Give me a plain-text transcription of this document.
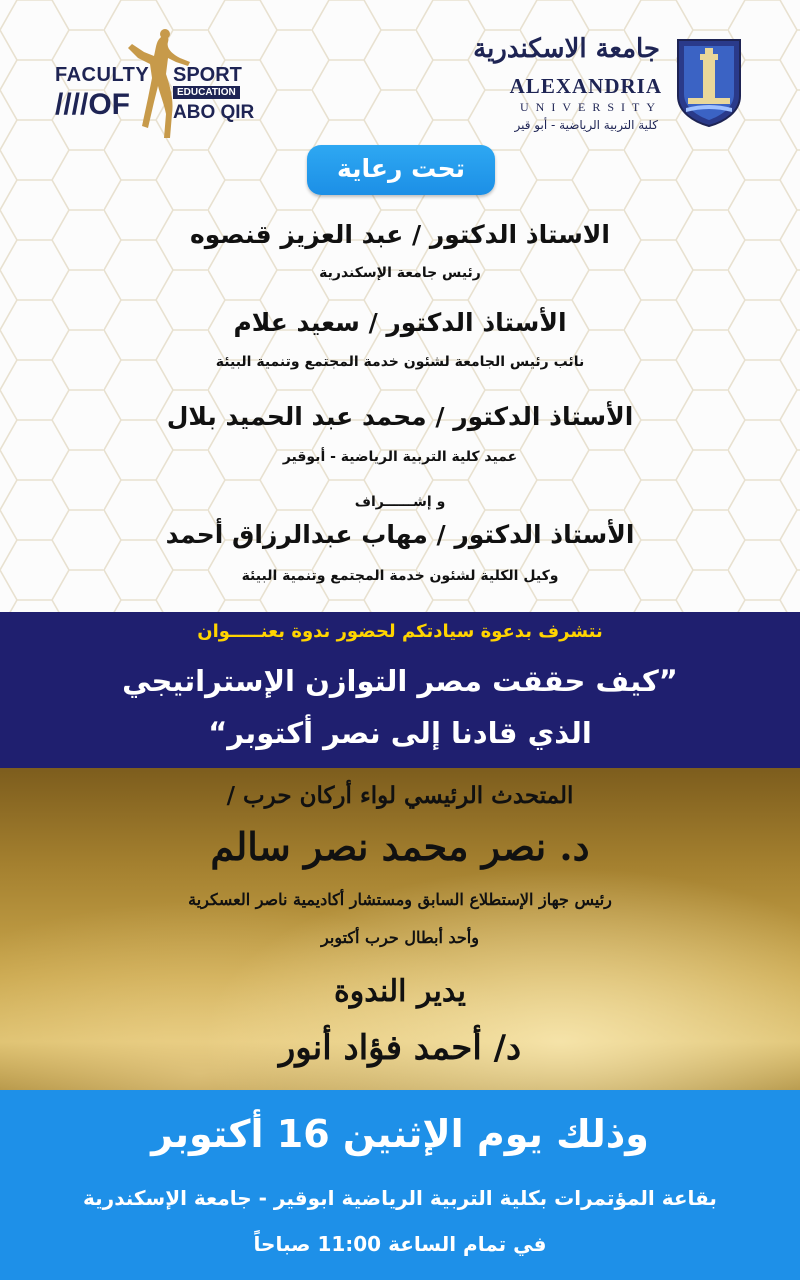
FACULTY SPORT
EDUCATION
////OF ABO QIR
جامعة الاسكندرية
ALEXANDRIA
UNIVERSITY
كلية التربية الرياضية - أبو قير
تحت رعاية
الاستاذ الدكتور / عبد العزيز قنصوه
رئيس جامعة الإسكندرية
الأستاذ الدكتور / سعيد علام
نائب رئيس الجامعة لشئون خدمة المجتمع وتنمية البيئة
الأستاذ الدكتور / محمد عبد الحميد بلال
عميد كلية التربية الرياضية - أبوقير
و إشــــــراف
الأستاذ الدكتور / مهاب عبدالرزاق أحمد
وكيل الكلية لشئون خدمة المجتمع وتنمية البيئة
نتشرف بدعوة سيادتكم لحضور ندوة بعنـــــوان
”كيف حققت مصر التوازن الإستراتيجي
الذي قادنا إلى نصر أكتوبر“
المتحدث الرئيسي لواء أركان حرب /
د. نصر محمد نصر سالم
رئيس جهاز الإستطلاع السابق ومستشار أكاديمية ناصر العسكرية
وأحد أبطال حرب أكتوبر
يدير الندوة
د/ أحمد فؤاد أنور
وذلك يوم الإثنين 16 أكتوبر
بقاعة المؤتمرات بكلية التربية الرياضية ابوقير - جامعة الإسكندرية
في تمام الساعة 11:00 صباحاً
